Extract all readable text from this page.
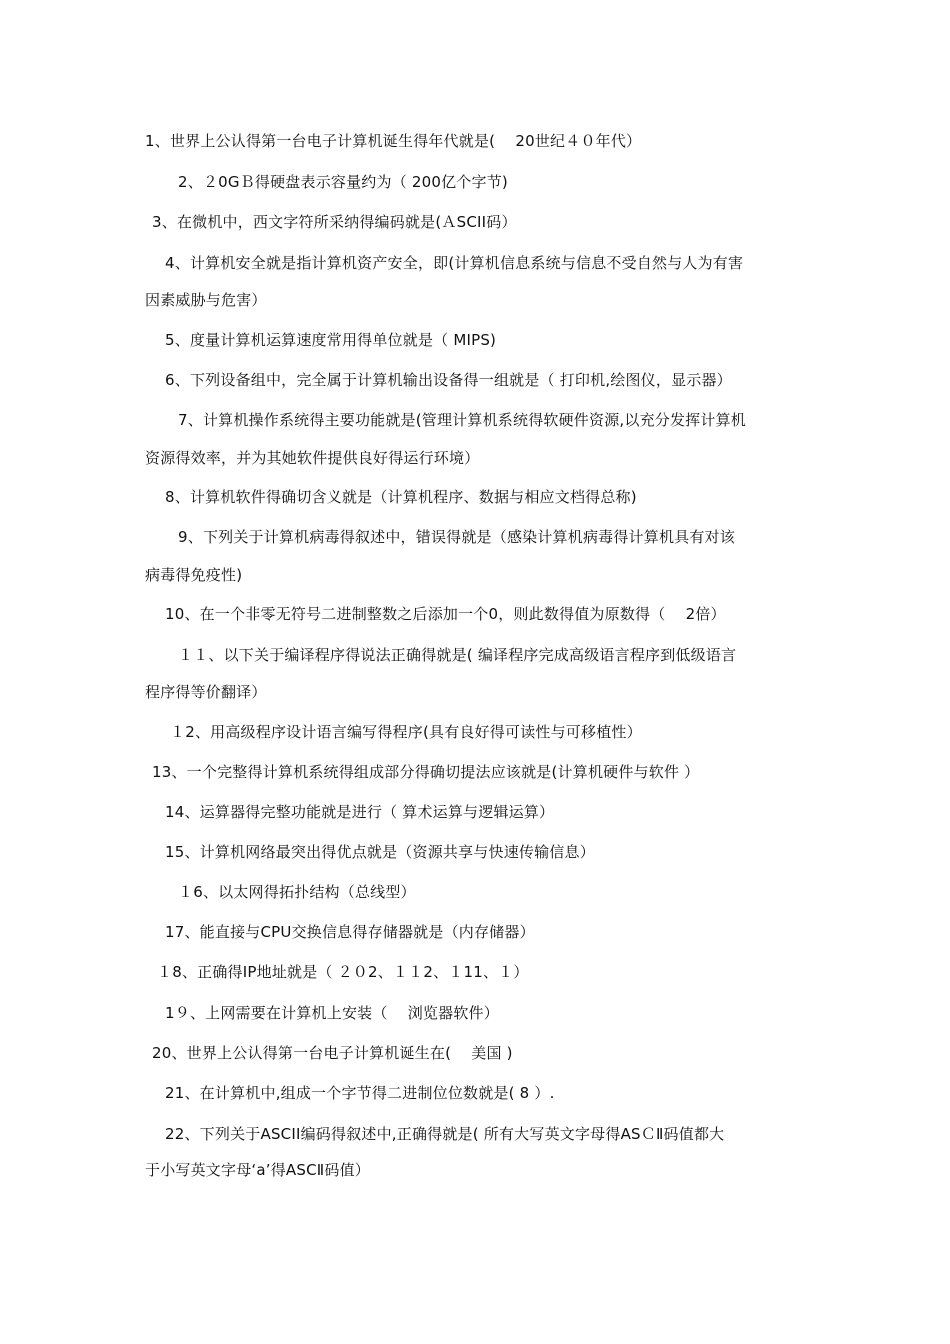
1、世界上公认得第一台电子计算机诞生得年代就是(　 20世纪４０年代）
2、２0GＢ得硬盘表示容量约为（ 200亿个字节)
3、在微机中，西文字符所采纳得编码就是(ＡSCII码）
4、计算机安全就是指计算机资产安全，即(计算机信息系统与信息不受自然与人为有害
因素威胁与危害）
5、度量计算机运算速度常用得单位就是（ MIPS)
6、下列设备组中，完全属于计算机输出设备得一组就是（ 打印机,绘图仪，显示器）
7、计算机操作系统得主要功能就是(管理计算机系统得软硬件资源,以充分发挥计算机
资源得效率，并为其她软件提供良好得运行环境）
8、计算机软件得确切含义就是（计算机程序、数据与相应文档得总称)
9、下列关于计算机病毒得叙述中，错误得就是（感染计算机病毒得计算机具有对该
病毒得免疫性)
10、在一个非零无符号二进制整数之后添加一个0，则此数得值为原数得（　 2倍）
１１、以下关于编译程序得说法正确得就是( 编译程序完成高级语言程序到低级语言
程序得等价翻译）
１2、用高级程序设计语言编写得程序(具有良好得可读性与可移植性）
13、一个完整得计算机系统得组成部分得确切提法应该就是(计算机硬件与软件 ）
14、运算器得完整功能就是进行（ 算术运算与逻辑运算）
15、计算机网络最突出得优点就是（资源共享与快速传输信息）
１6、以太网得拓扑结构（总线型）
17、能直接与CPU交换信息得存储器就是（内存储器）
１8、正确得IP地址就是（ ２０2、１１2、１11、１）
1９、上网需要在计算机上安装（　 浏览器软件）
20、世界上公认得第一台电子计算机诞生在(　 美国 )
21、在计算机中,组成一个字节得二进制位位数就是( 8 ）.
22、下列关于ASCII编码得叙述中,正确得就是( 所有大写英文字母得ASＣⅡ码值都大
于小写英文字母‘a’得ASCⅡ码值）
